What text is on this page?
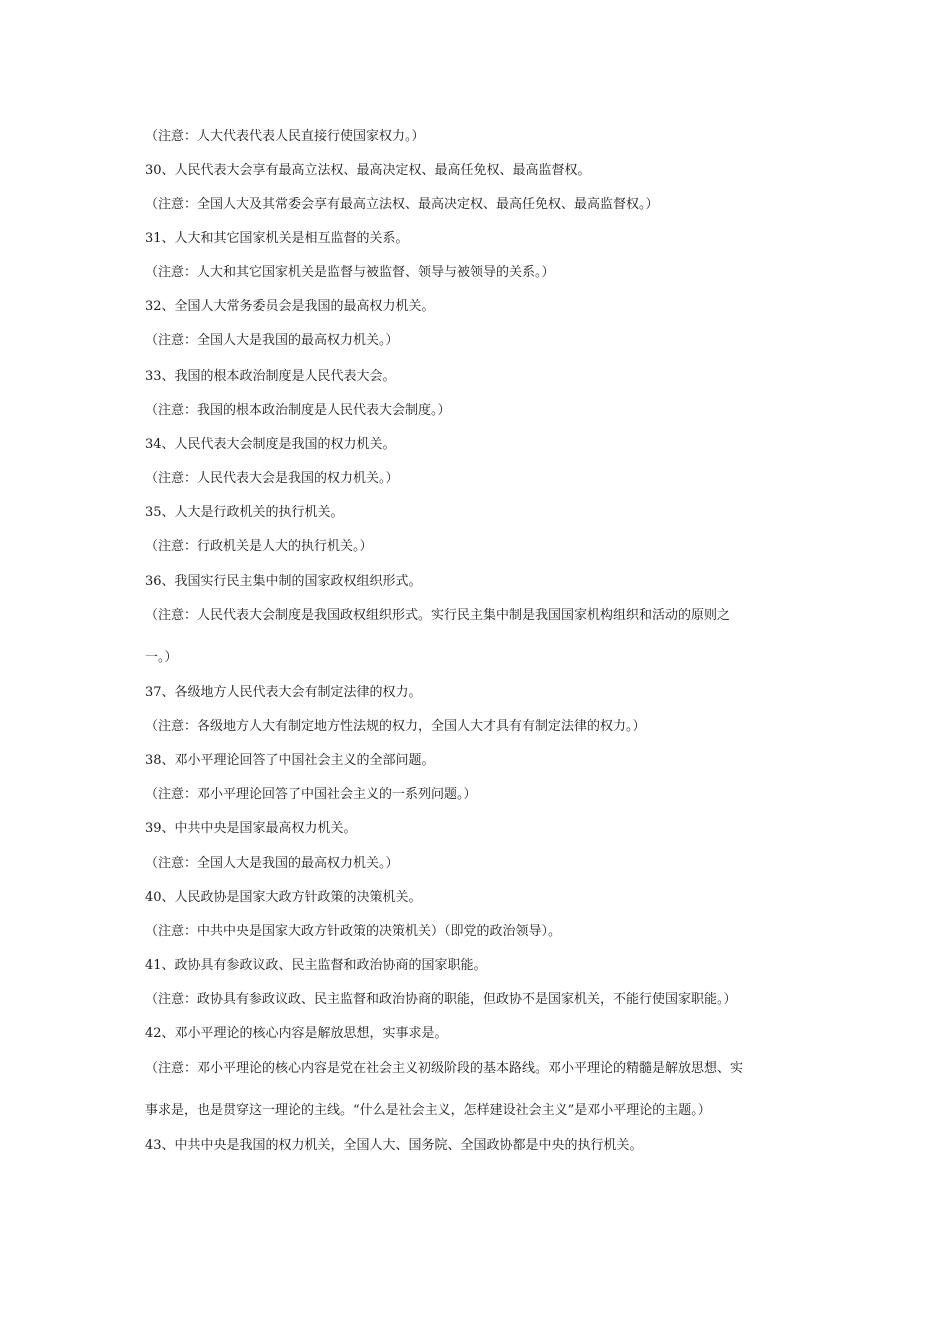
（注意：人大代表代表人民直接行使国家权力。）
30、人民代表大会享有最高立法权、最高决定权、最高任免权、最高监督权。
（注意：全国人大及其常委会享有最高立法权、最高决定权、最高任免权、最高监督权。）
31、人大和其它国家机关是相互监督的关系。
（注意：人大和其它国家机关是监督与被监督、领导与被领导的关系。）
32、全国人大常务委员会是我国的最高权力机关。
（注意：全国人大是我国的最高权力机关。）
33、我国的根本政治制度是人民代表大会。
（注意：我国的根本政治制度是人民代表大会制度。）
34、人民代表大会制度是我国的权力机关。
（注意：人民代表大会是我国的权力机关。）
35、人大是行政机关的执行机关。
（注意：行政机关是人大的执行机关。）
36、我国实行民主集中制的国家政权组织形式。
（注意：人民代表大会制度是我国政权组织形式。实行民主集中制是我国国家机构组织和活动的原则之
一。）
37、各级地方人民代表大会有制定法律的权力。
（注意：各级地方人大有制定地方性法规的权力，全国人大才具有有制定法律的权力。）
38、邓小平理论回答了中国社会主义的全部问题。
（注意：邓小平理论回答了中国社会主义的一系列问题。）
39、中共中央是国家最高权力机关。
（注意：全国人大是我国的最高权力机关。）
40、人民政协是国家大政方针政策的决策机关。
（注意：中共中央是国家大政方针政策的决策机关）（即党的政治领导）。
41、政协具有参政议政、民主监督和政治协商的国家职能。
（注意：政协具有参政议政、民主监督和政治协商的职能，但政协不是国家机关，不能行使国家职能。）
42、邓小平理论的核心内容是解放思想，实事求是。
（注意：邓小平理论的核心内容是党在社会主义初级阶段的基本路线。邓小平理论的精髓是解放思想、实
事求是，也是贯穿这一理论的主线。“什么是社会主义，怎样建设社会主义”是邓小平理论的主题。）
43、中共中央是我国的权力机关，全国人大、国务院、全国政协都是中央的执行机关。
